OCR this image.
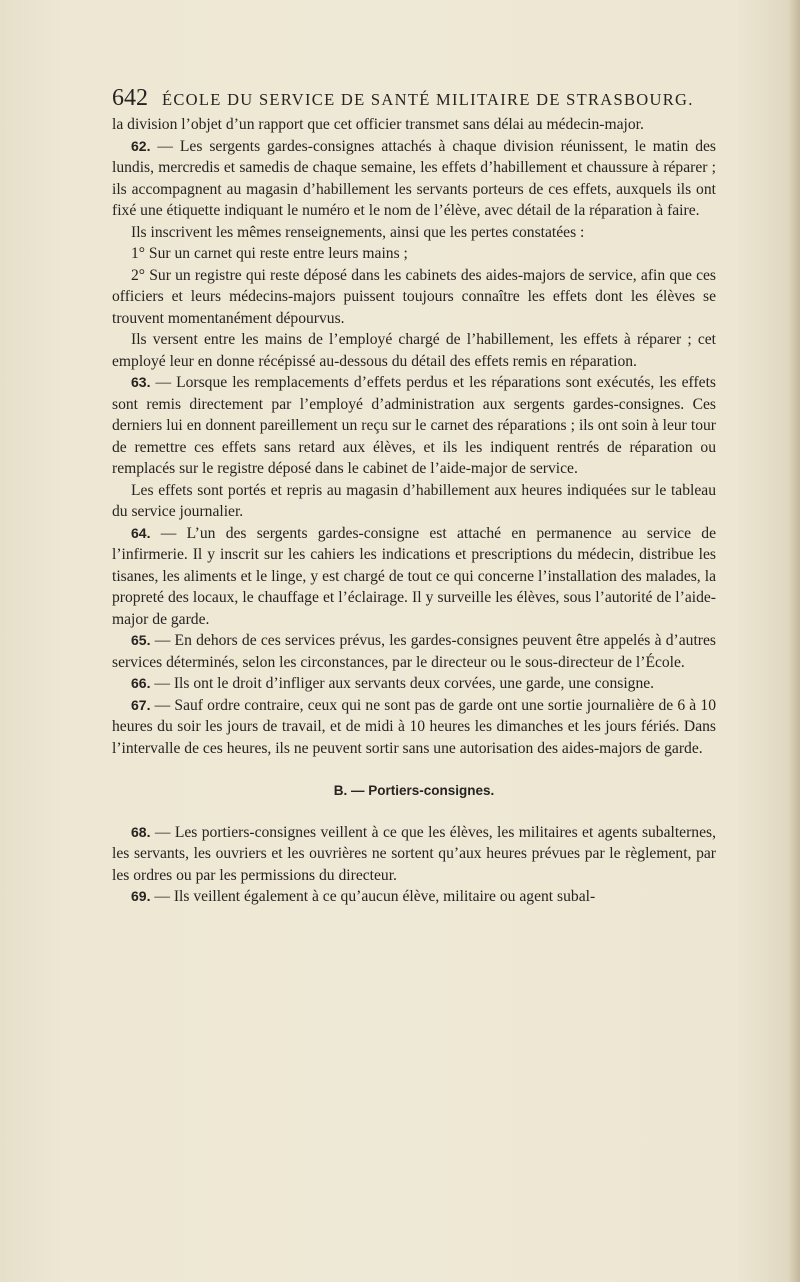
642 ÉCOLE DU SERVICE DE SANTÉ MILITAIRE DE STRASBOURG.

la division l’objet d’un rapport que cet officier transmet sans délai au médecin-major.

62. — Les sergents gardes-consignes attachés à chaque division réunissent, le matin des lundis, mercredis et samedis de chaque semaine, les effets d’habillement et chaussure à réparer ; ils accompagnent au magasin d’habillement les servants porteurs de ces effets, auxquels ils ont fixé une étiquette indiquant le numéro et le nom de l’élève, avec détail de la réparation à faire.

Ils inscrivent les mêmes renseignements, ainsi que les pertes constatées :

1° Sur un carnet qui reste entre leurs mains ;

2° Sur un registre qui reste déposé dans les cabinets des aides-majors de service, afin que ces officiers et leurs médecins-majors puissent toujours connaître les effets dont les élèves se trouvent momentanément dépourvus.

Ils versent entre les mains de l’employé chargé de l’habillement, les effets à réparer ; cet employé leur en donne récépissé au-dessous du détail des effets remis en réparation.

63. — Lorsque les remplacements d’effets perdus et les réparations sont exécutés, les effets sont remis directement par l’employé d’administration aux sergents gardes-consignes. Ces derniers lui en donnent pareillement un reçu sur le carnet des réparations ; ils ont soin à leur tour de remettre ces effets sans retard aux élèves, et ils les indiquent rentrés de réparation ou remplacés sur le registre déposé dans le cabinet de l’aide-major de service.

Les effets sont portés et repris au magasin d’habillement aux heures indiquées sur le tableau du service journalier.

64. — L’un des sergents gardes-consigne est attaché en permanence au service de l’infirmerie. Il y inscrit sur les cahiers les indications et prescriptions du médecin, distribue les tisanes, les aliments et le linge, y est chargé de tout ce qui concerne l’installation des malades, la propreté des locaux, le chauffage et l’éclairage. Il y surveille les élèves, sous l’autorité de l’aide-major de garde.

65. — En dehors de ces services prévus, les gardes-consignes peuvent être appelés à d’autres services déterminés, selon les circonstances, par le directeur ou le sous-directeur de l’École.

66. — Ils ont le droit d’infliger aux servants deux corvées, une garde, une consigne.

67. — Sauf ordre contraire, ceux qui ne sont pas de garde ont une sortie journalière de 6 à 10 heures du soir les jours de travail, et de midi à 10 heures les dimanches et les jours fériés. Dans l’intervalle de ces heures, ils ne peuvent sortir sans une autorisation des aides-majors de garde.

B. — Portiers-consignes.

68. — Les portiers-consignes veillent à ce que les élèves, les militaires et agents subalternes, les servants, les ouvriers et les ouvrières ne sortent qu’aux heures prévues par le règlement, par les ordres ou par les permissions du directeur.

69. — Ils veillent également à ce qu’aucun élève, militaire ou agent subal-
